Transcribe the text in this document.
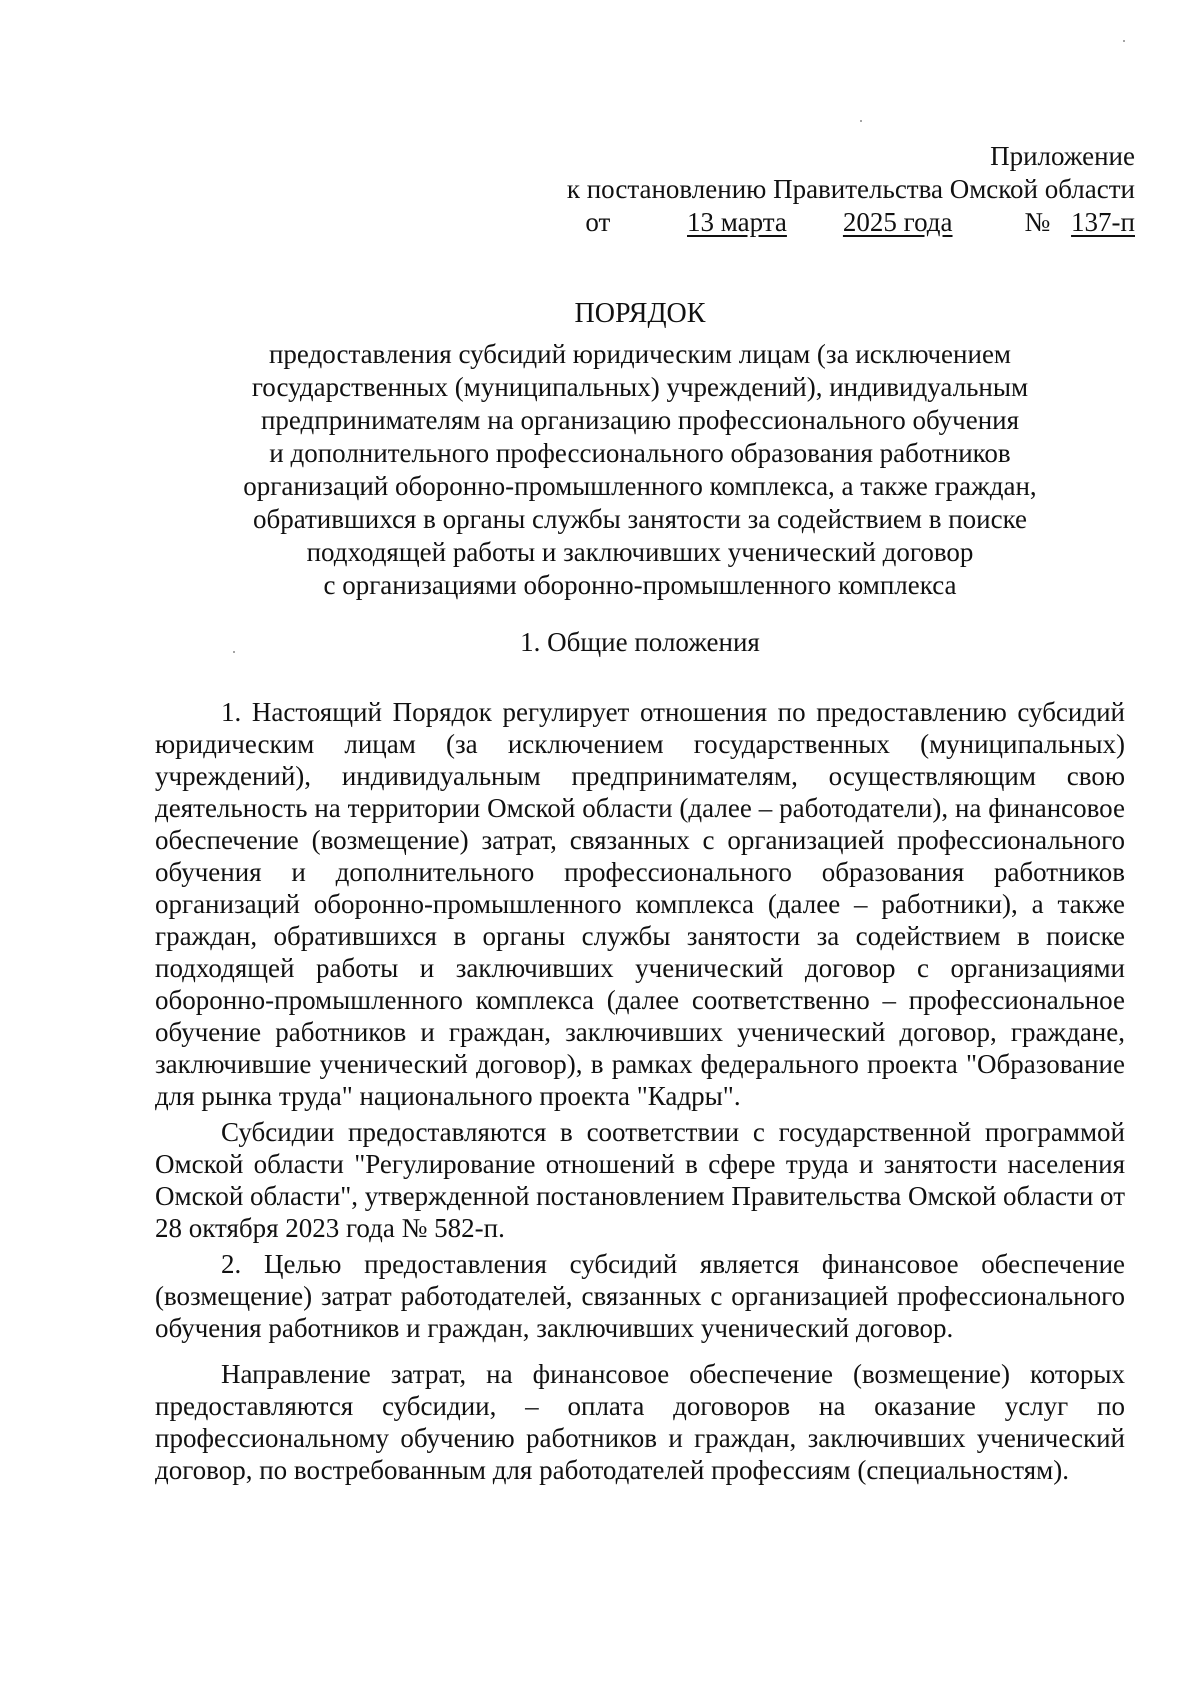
Приложение
к постановлению Правительства Омской области
от	13 марта 2025 года	№ 137-п
ПОРЯДОК
предоставления субсидий юридическим лицам (за исключением
государственных (муниципальных) учреждений), индивидуальным
предпринимателям на организацию профессионального обучения
и дополнительного профессионального образования работников
организаций оборонно-промышленного комплекса, а также граждан,
обратившихся в органы службы занятости за содействием в поиске
подходящей работы и заключивших ученический договор
с организациями оборонно-промышленного комплекса
1. Общие положения

1. Настоящий Порядок регулирует отношения по предоставлению субсидий юридическим лицам (за исключением государственных (муниципальных) учреждений), индивидуальным предпринимателям, осуществляющим свою деятельность на территории Омской области (далее – работодатели), на финансовое обеспечение (возмещение) затрат, связанных с организацией профессионального обучения и дополнительного профессионального образования работников организаций оборонно-промышленного комплекса (далее – работники), а также граждан, обратившихся в органы службы занятости за содействием в поиске подходящей работы и заключивших ученический договор с организациями оборонно-промышленного комплекса (далее соответственно – профессиональное обучение работников и граждан, заключивших ученический договор, граждане, заключившие ученический договор), в рамках федерального проекта "Образование для рынка труда" национального проекта "Кадры".

Субсидии предоставляются в соответствии с государственной программой Омской области "Регулирование отношений в сфере труда и занятости населения Омской области", утвержденной постановлением Правительства Омской области от 28 октября 2023 года № 582-п.

2. Целью предоставления субсидий является финансовое обеспечение (возмещение) затрат работодателей, связанных с организацией профессионального обучения работников и граждан, заключивших ученический договор.

Направление затрат, на финансовое обеспечение (возмещение) которых предоставляются субсидии, – оплата договоров на оказание услуг по профессиональному обучению работников и граждан, заключивших ученический договор, по востребованным для работодателей профессиям (специальностям).
